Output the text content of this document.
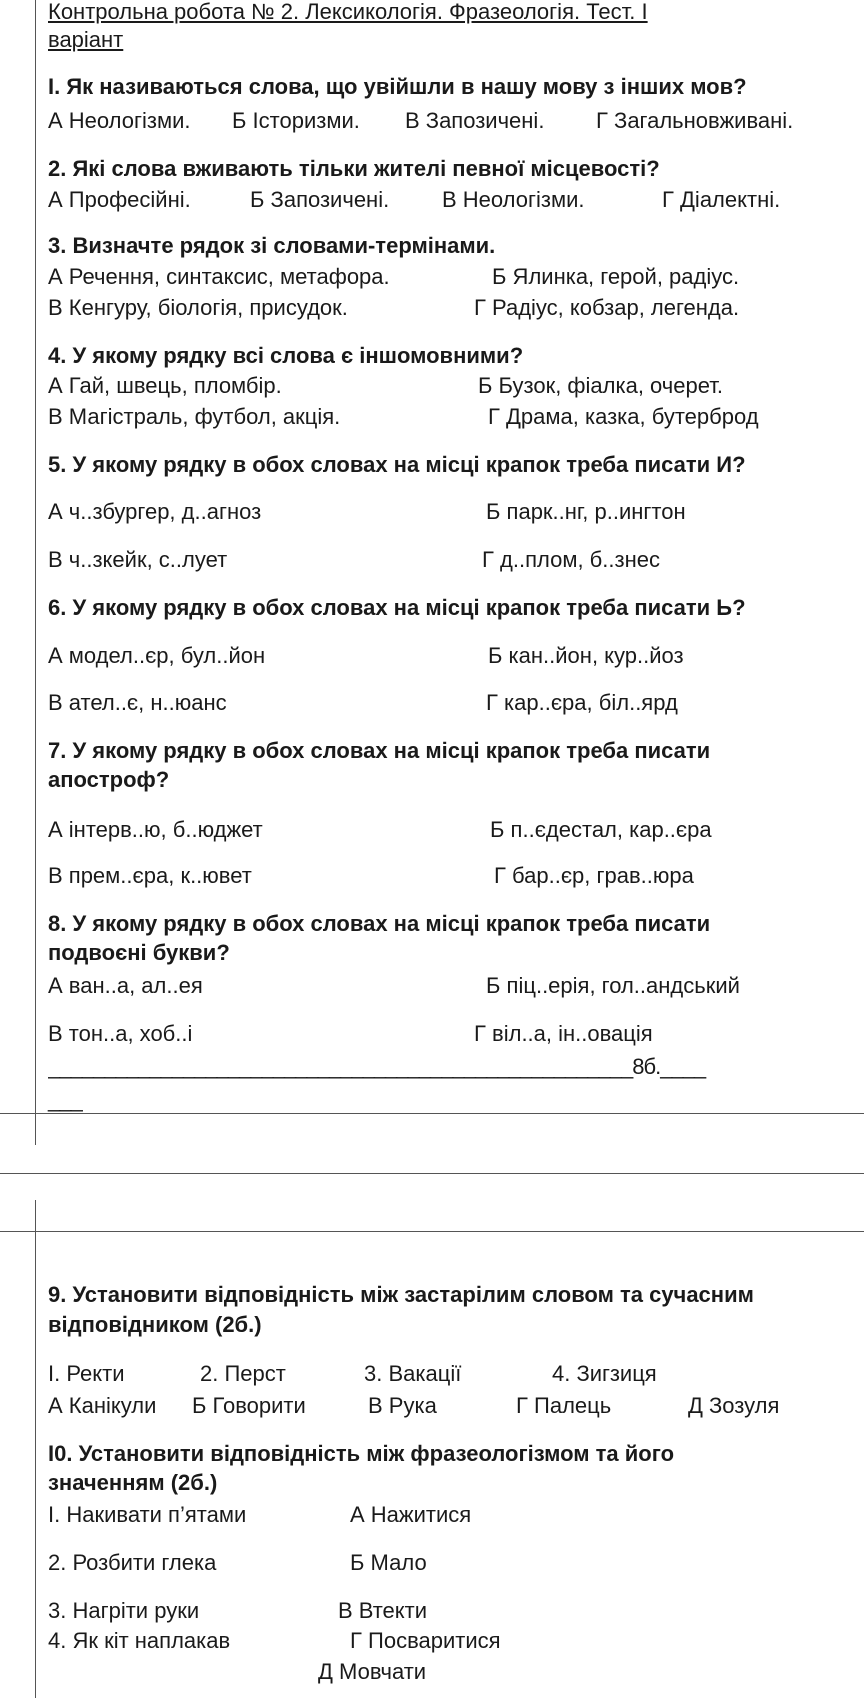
Контрольна робота № 2. Лексикологія. Фразеологія. Тест. I
варіант
I. Як називаються слова, що увійшли в нашу мову з інших мов?
А Неологізми. Б Історизми. В Запозичені. Г Загальновживані.
2. Які слова вживають тільки жителі певної місцевості?
А Професійні.	Б Запозичені. В Неологізми.	Г Діалектні.
3. Визначте рядок зі словами-термінами.
А Речення, синтаксис, метафора.	Б Ялинка, герой, радіус.
В Кенгуру, біологія, присудок.	Г Радіус, кобзар, легенда.
4. У якому рядку всі слова є іншомовними?
А Гай, швець, пломбір.	Б Бузок, фіалка, очерет.
В Магістраль, футбол, акція.	Г Драма, казка, бутерброд
5. У якому рядку в обох словах на місці крапок треба писати И?
А ч..збургер, д..агноз	Б парк..нг, р..ингтон
В ч..зкейк, с..лует	Г д..плом, б..знес
6. У якому рядку в обох словах на місці крапок треба писати Ь?
А модел..єр, бул..йон	Б кан..йон, кур..йоз
В ател..є, н..юанс	Г кар..єра, біл..ярд
7. У якому рядку в обох словах на місці крапок треба писати
апостроф?
А інтерв..ю, б..юджет	Б п..єдестал, кар..єра
В прем..єра, к..ювет	Г бар..єр, грав..юра
8. У якому рядку в обох словах на місці крапок треба писати
подвоєні букви?
А ван..а, ал..ея	Б піц..ерія, гол..андський
В тон..а, хоб..і	Г віл..а, ін..овація
____________________________________________________8б.____
___
9. Установити відповідність між застарілим словом та сучасним
відповідником (2б.)
I. Ректи	2. Перст	3. Вакації	4. Зигзиця
А Канікули Б Говорити	В Рука	Г Палець	Д Зозуля
I0. Установити відповідність між фразеологізмом та його
значенням (2б.)
I. Накивати п’ятами	А Нажитися
2. Розбити глека	Б Мало
3. Нагріти руки	В Втекти
4. Як кіт наплакав	Г Посваритися
Д Мовчати
